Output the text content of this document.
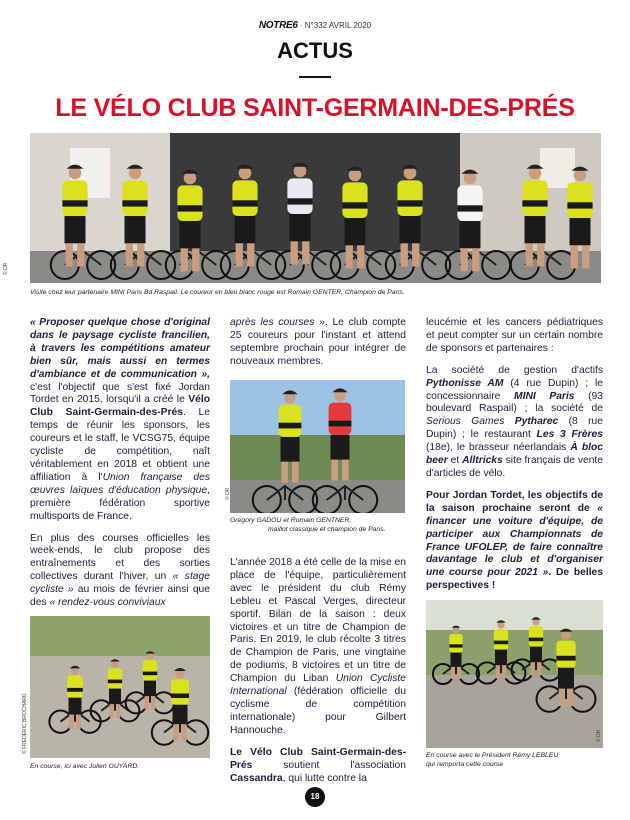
NOTRE6 · N°332 AVRIL 2020
ACTUS
LE VÉLO CLUB SAINT-GERMAIN-DES-PRÉS
© DR
Visite chez leur partenaire MINI Paris Bd Raspail. Le coureur en bleu blanc rouge est Romain GENTER, Champion de Paris.

« Proposer quelque chose d'original dans le paysage cycliste francilien, à travers les compétitions amateur bien sûr, mais aussi en termes d'ambiance et de communication », c'est l'objectif que s'est fixé Jordan Tordet en 2015, lorsqu'il a créé le Vélo Club Saint-Germain-des-Prés. Le temps de réunir les sponsors, les coureurs et le staff, le VCSG75, équipe cycliste de compétition, naît véritablement en 2018 et obtient une affiliation à l'Union française des œuvres laïques d'éducation physique, première fédération sportive multisports de France.

En plus des courses officielles les week-ends, le club propose des entraînements et des sorties collectives durant l'hiver, un « stage cycliste » au mois de février ainsi que des « rendez-vous conviviaux

© FRÉDÉRIC BROCHARD
En course, ici avec Julien GUYARD.

après les courses ». Le club compte 25 coureurs pour l'instant et attend septembre prochain pour intégrer de nouveaux membres.

© DR
Grégory GADOU et Romain GENTNER,
maillot classique et champion de Paris.

L'année 2018 a été celle de la mise en place de l'équipe, particulièrement avec le président du club Rémy Lebleu et Pascal Verges, directeur sportif. Bilan de la saison : deux victoires et un titre de Champion de Paris. En 2019, le club récolte 3 titres de Champion de Paris, une vingtaine de podiums, 8 victoires et un titre de Champion du Liban Union Cycliste International (fédération officielle du cyclisme de compétition internationale) pour Gilbert Hannouche.

Le Vélo Club Saint-Germain-des-Prés soutient l'association Cassandra, qui lutte contre la

leucémie et les cancers pédiatriques et peut compter sur un certain nombre de sponsors et partenaires :

La société de gestion d'actifs Pythonisse AM (4 rue Dupin) ; le concessionnaire MINI Paris (93 boulevard Raspail) ; la société de Serious Games Pytharec (8 rue Dupin) ; le restaurant Les 3 Frères (18e), le brasseur néerlandais À bloc beer et Alltricks site français de vente d'articles de vélo.

Pour Jordan Tordet, les objectifs de la saison prochaine seront de « financer une voiture d'équipe, de participer aux Championnats de France UFOLEP, de faire connaître davantage le club et d'organiser une course pour 2021 ». De belles perspectives !

© DR
En course avec le Président Rémy LEBLEU
qui remporta cette course
18
